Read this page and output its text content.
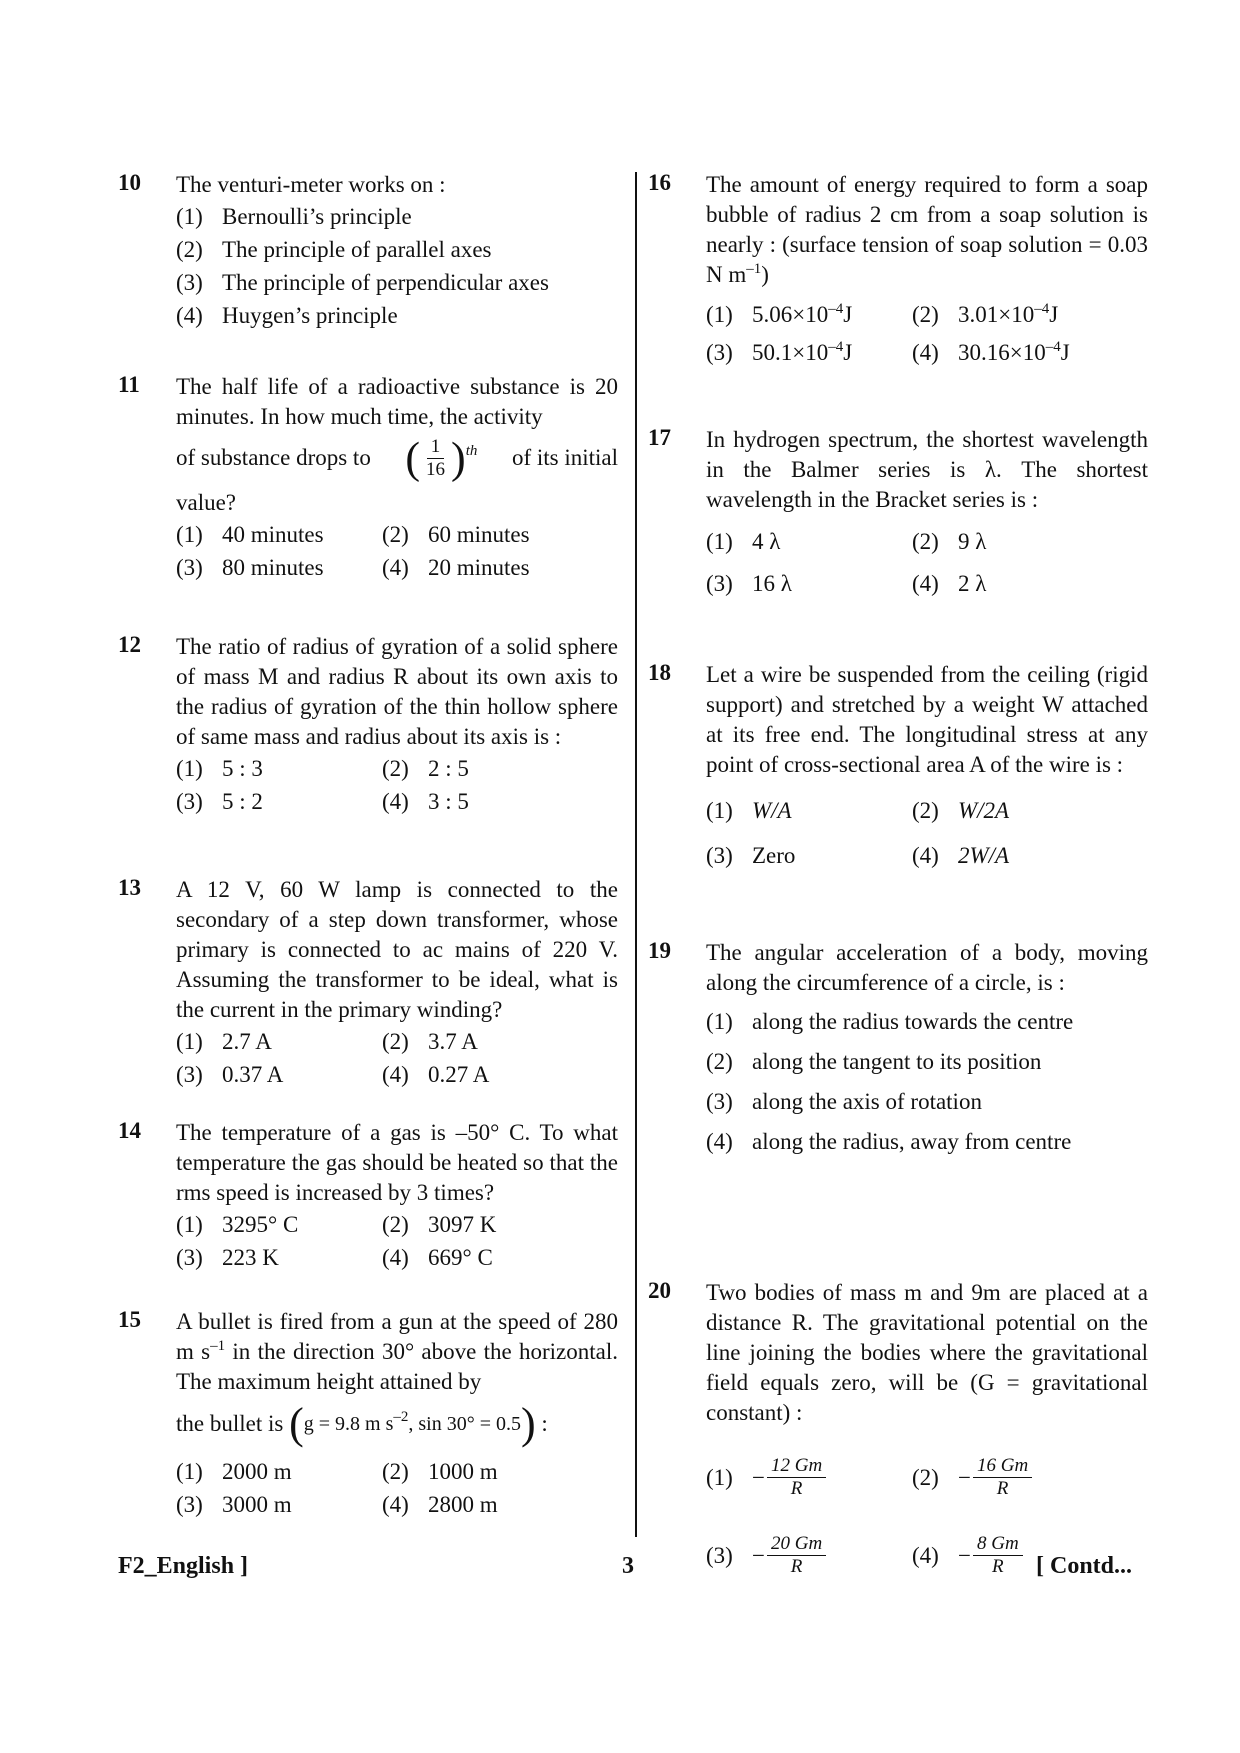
10 The venturi-meter works on :
(1) Bernoulli’s principle
(2) The principle of parallel axes
(3) The principle of perpendicular axes
(4) Huygen’s principle
11 The half life of a radioactive substance is 20 minutes. In how much time, the activity
of substance drops to ( $\frac{1}{16} )^{th}$ of its initial
value?
(1) 40 minutes	(2) 60 minutes
(3) 80 minutes	(4) 20 minutes
12 The ratio of radius of gyration of a solid sphere of mass M and radius R about its own axis to the radius of gyration of the thin hollow sphere of same mass and radius about its axis is :
(1) 5 : 3	(2) 2 : 5
(3) 5 : 2	(4) 3 : 5
13 A 12 V, 60 W lamp is connected to the secondary of a step down transformer, whose primary is connected to ac mains of 220 V. Assuming the transformer to be ideal, what is the current in the primary winding?
(1) 2.7 A	(2) 3.7 A
(3) 0.37 A	(4) 0.27 A
14 The temperature of a gas is –50° C. To what temperature the gas should be heated so that the rms speed is increased by 3 times?
(1) 3295° C	(2) 3097 K
(3) 223 K	(4) 669° C
15 A bullet is fired from a gun at the speed of 280 m $s^{-1}$ in the direction 30° above the horizontal. The maximum height attained by
the bullet is
( g = 9.8 m $s^{-2}$, sin 30° = 0.5 )
:
(1) 2000 m	(2) 1000 m
(3) 3000 m	(4) 2800 m
16 The amount of energy required to form a soap bubble of radius 2 cm from a soap solution is nearly : (surface tension of soap solution = 0.03 N $m^{-1}$)
(1) $5.06\times 10^{-4}J$	(2) $3.01\times 10^{-4}J$
(3) $50.1\times 10^{-4}J$	(4) $30.16\times 10^{-4}J$
17 In hydrogen spectrum, the shortest wavelength in the Balmer series is λ. The shortest wavelength in the Bracket series is :
(1) 4 λ	(2) 9 λ
(3) 16 λ	(4) 2 λ
18 Let a wire be suspended from the ceiling (rigid support) and stretched by a weight W attached at its free end. The longitudinal stress at any point of cross-sectional area A of the wire is :
(1) W/A	(2) W/2A
(3) Zero	(4) 2W/A
19 The angular acceleration of a body, moving along the circumference of a circle, is :
(1) along the radius towards the centre
(2) along the tangent to its position
(3) along the axis of rotation
(4) along the radius, away from centre
20 Two bodies of mass m and 9m are placed at a distance R. The gravitational potential on the line joining the bodies where the gravitational field equals zero, will be (G = gravitational constant) :
$(1) - \frac{12 Gm}{R}$	$(2) - \frac{16 Gm}{R}$
$(3) - \frac{20 Gm}{R}$	$(4) - \frac{8 Gm}{R}$
F2_English ]	3	[ Contd...
